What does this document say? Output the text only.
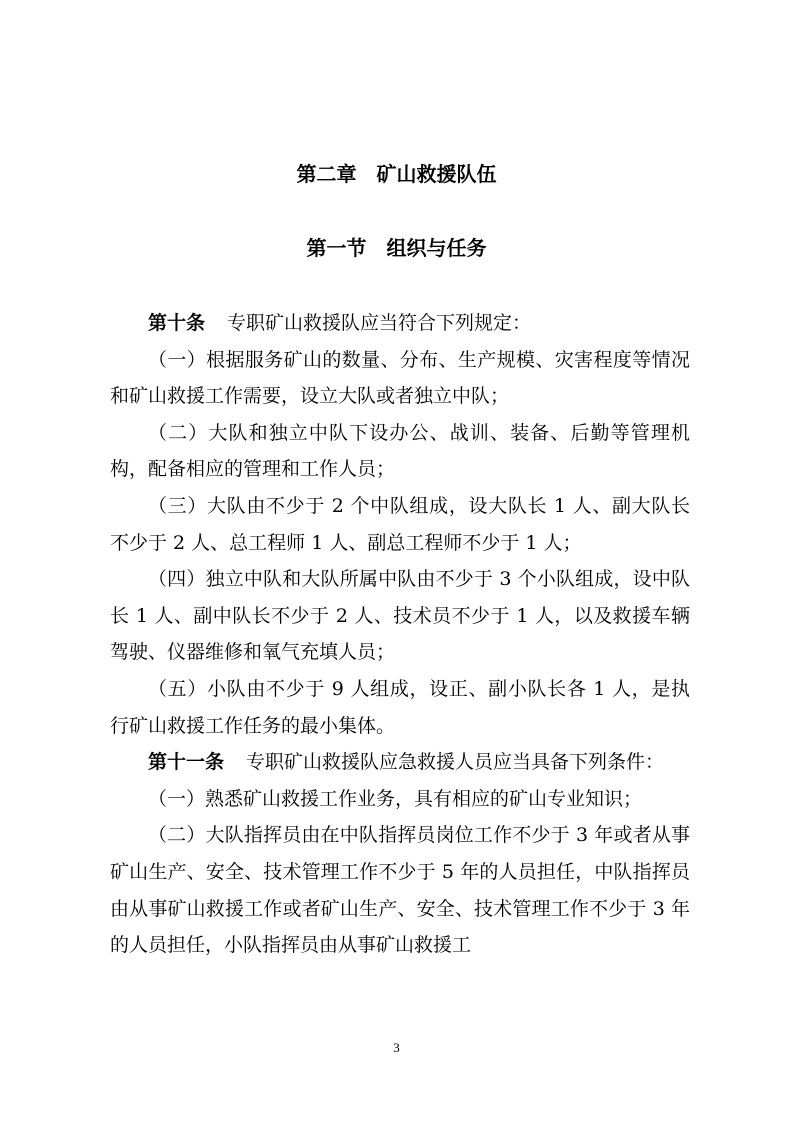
第二章　矿山救援队伍
第一节　组织与任务

第十条 专职矿山救援队应当符合下列规定：

（一）根据服务矿山的数量、分布、生产规模、灾害程度等情况和矿山救援工作需要，设立大队或者独立中队；

（二）大队和独立中队下设办公、战训、装备、后勤等管理机构，配备相应的管理和工作人员；

（三）大队由不少于 2 个中队组成，设大队长 1 人、副大队长不少于 2 人、总工程师 1 人、副总工程师不少于 1 人；

（四）独立中队和大队所属中队由不少于 3 个小队组成，设中队长 1 人、副中队长不少于 2 人、技术员不少于 1 人，以及救援车辆驾驶、仪器维修和氧气充填人员；

（五）小队由不少于 9 人组成，设正、副小队长各 1 人，是执行矿山救援工作任务的最小集体。

第十一条 专职矿山救援队应急救援人员应当具备下列条件：

（一）熟悉矿山救援工作业务，具有相应的矿山专业知识；

（二）大队指挥员由在中队指挥员岗位工作不少于 3 年或者从事矿山生产、安全、技术管理工作不少于 5 年的人员担任，中队指挥员由从事矿山救援工作或者矿山生产、安全、技术管理工作不少于 3 年的人员担任，小队指挥员由从事矿山救援工

3
